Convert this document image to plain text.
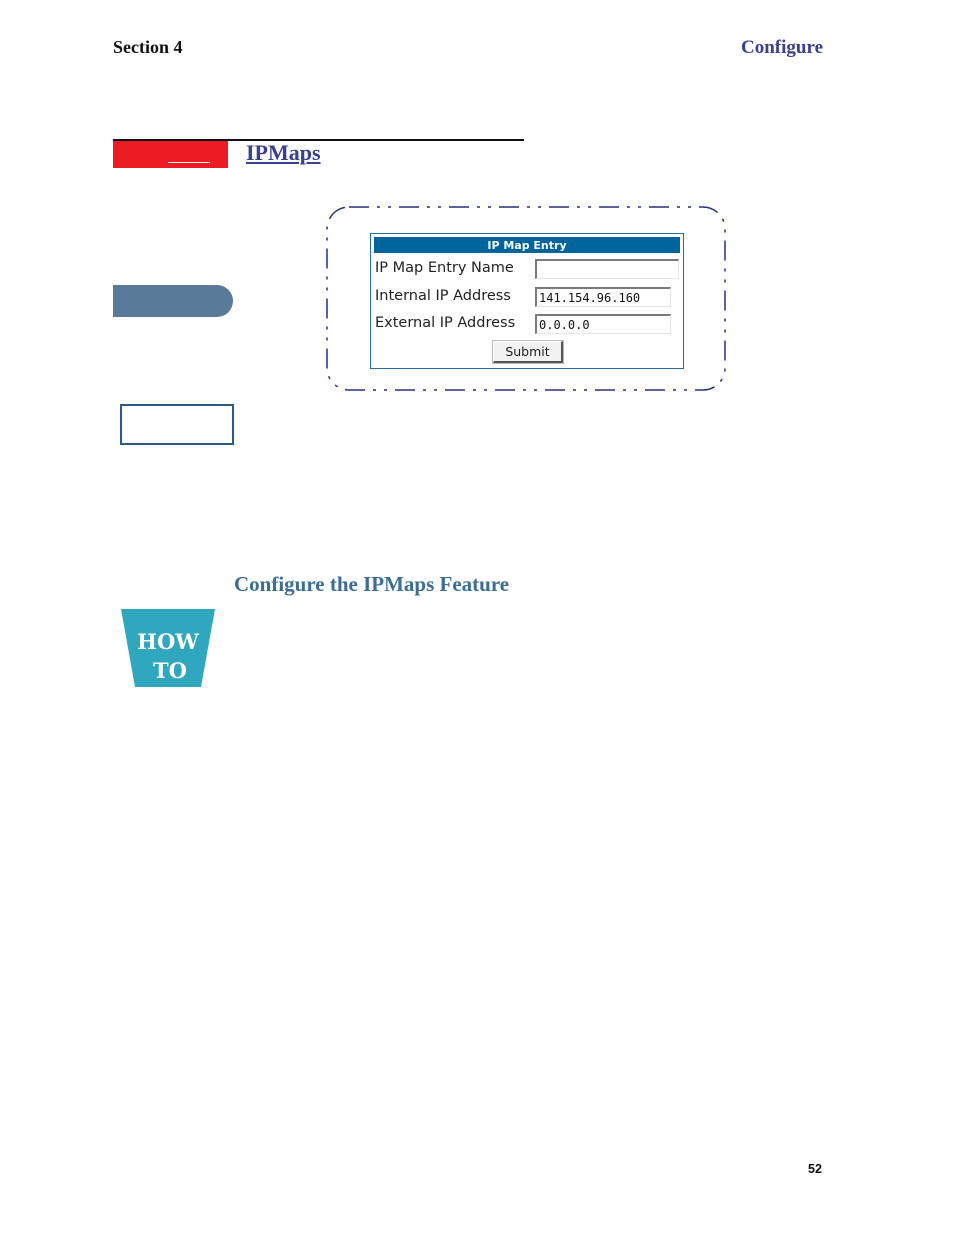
Section 4	Configure
IPMaps
IP Map Entry
IP Map Entry Name
Internal IP Address	141.154.96.160
External IP Address	0.0.0.0
Submit
Configure the IPMaps Feature
HOW
TO
52
